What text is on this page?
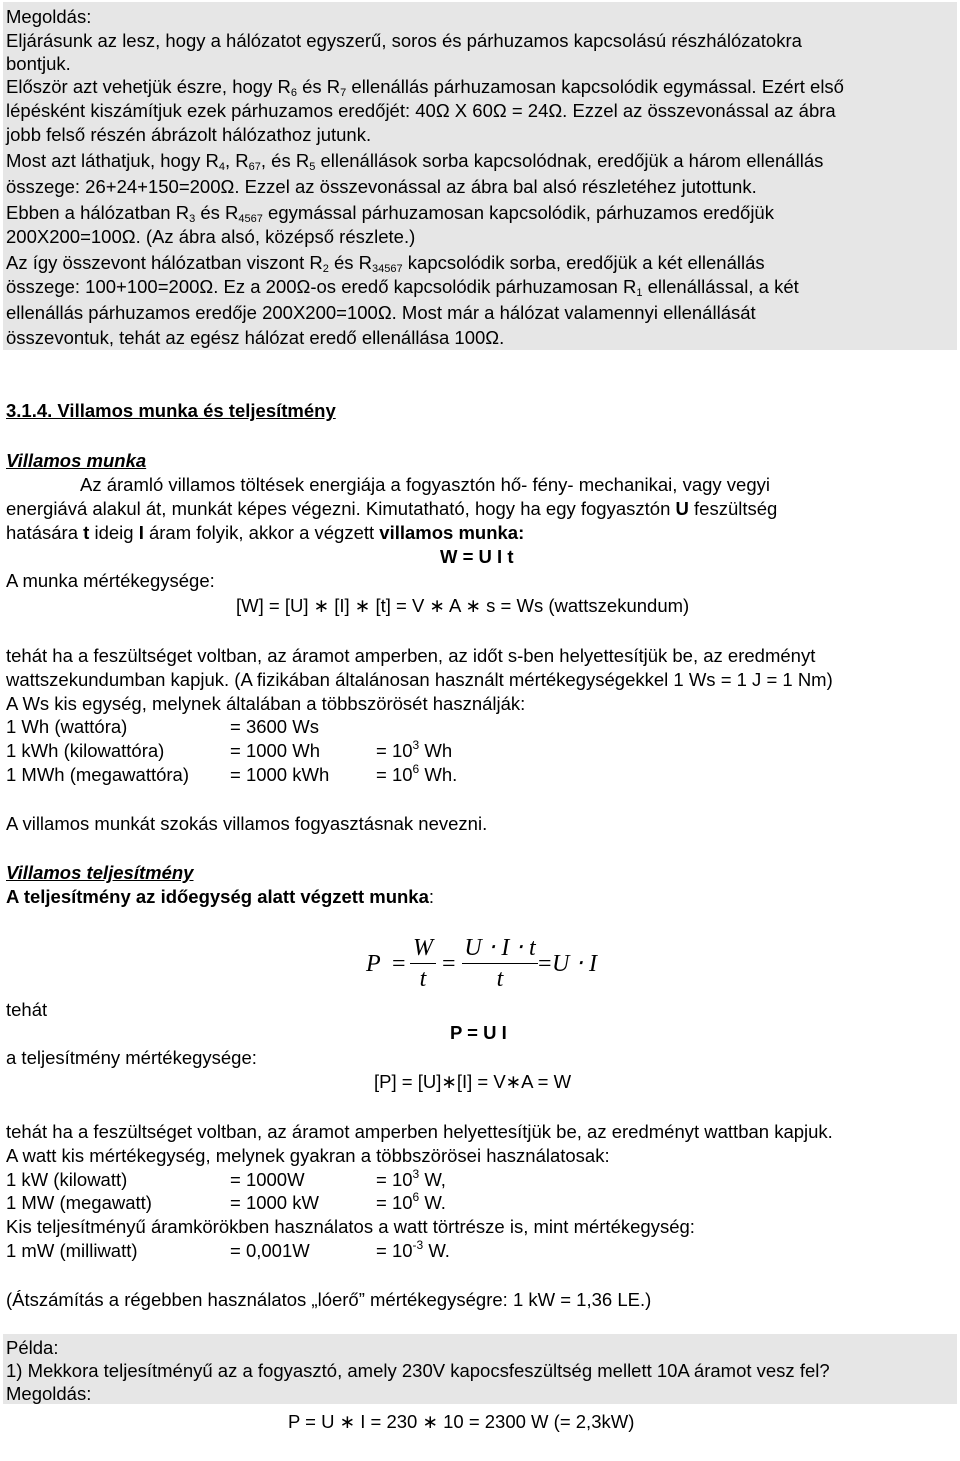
Megoldás:
Eljárásunk az lesz, hogy a hálózatot egyszerű, soros és párhuzamos kapcsolású részhálózatokra
bontjuk.
Először azt vehetjük észre, hogy $R_6$ és $R_7$ ellenállás párhuzamosan kapcsolódik egymással. Ezért első
lépésként kiszámítjuk ezek párhuzamos eredőjét: 40Ω X 60Ω = 24Ω. Ezzel az összevonással az ábra
jobb felső részén ábrázolt hálózathoz jutunk.
Most azt láthatjuk, hogy $R_4$, $R_{67}$, és $R_5$ ellenállások sorba kapcsolódnak, eredőjük a három ellenállás
összege: 26+24+150=200Ω. Ezzel az összevonással az ábra bal alsó részletéhez jutottunk.
Ebben a hálózatban $R_3$ és $R_{4567}$ egymással párhuzamosan kapcsolódik, párhuzamos eredőjük
200X200=100Ω. (Az ábra alsó, középső részlete.)
Az így összevont hálózatban viszont $R_2$ és $R_{34567}$ kapcsolódik sorba, eredőjük a két ellenállás
összege: 100+100=200Ω. Ez a 200Ω-os eredő kapcsolódik párhuzamosan $R_1$ ellenállással, a két
ellenállás párhuzamos eredője 200X200=100Ω. Most már a hálózat valamennyi ellenállását
összevontuk, tehát az egész hálózat eredő ellenállása 100Ω.
3.1.4. Villamos munka és teljesítmény
Villamos munka
Az áramló villamos töltések energiája a fogyasztón hő- fény- mechanikai, vagy vegyi
energiává alakul át, munkát képes végezni. Kimutatható, hogy ha egy fogyasztón U feszültség
hatására t ideig I áram folyik, akkor a végzett villamos munka:
W = U I t
A munka mértékegysége:
[W] = [U] ∗ [I] ∗ [t] = V ∗ A ∗ s = Ws (wattszekundum)
tehát ha a feszültséget voltban, az áramot amperben, az időt s-ben helyettesítjük be, az eredményt
wattszekundumban kapjuk. (A fizikában általánosan használt mértékegységekkel 1 Ws = 1 J = 1 Nm)
A Ws kis egység, melynek általában a többszörösét használják:
1 Wh (wattóra)	= 3600 Ws
1 kWh (kilowattóra)	= 1000 Wh	= $10^3$ Wh
1 MWh (megawattóra) = 1000 kWh	= $10^6$ Wh.
A villamos munkát szokás villamos fogyasztásnak nevezni.
Villamos teljesítmény
A teljesítmény az időegység alatt végzett munka:
P =
W
t
=
U ⋅ I ⋅ t
t
= U ⋅ I
tehát
P = U I
a teljesítmény mértékegysége:
[P] = [U]∗[I] = V∗A = W
tehát ha a feszültséget voltban, az áramot amperben helyettesítjük be, az eredményt wattban kapjuk.
A watt kis mértékegység, melynek gyakran a többszörösei használatosak:
1 kW (kilowatt)	= 1000W	= $10^3$ W,
1 MW (megawatt)	= 1000 kW	= $10^6$ W.
Kis teljesítményű áramkörökben használatos a watt törtrésze is, mint mértékegység:
1 mW (milliwatt)	= 0,001W	= $10^{-3}$ W.
(Átszámítás a régebben használatos „lóerő” mértékegységre: 1 kW = 1,36 LE.)
Példa:
1) Mekkora teljesítményű az a fogyasztó, amely 230V kapocsfeszültség mellett 10A áramot vesz fel?
Megoldás:
P = U ∗ I = 230 ∗ 10 = 2300 W (= 2,3kW)
